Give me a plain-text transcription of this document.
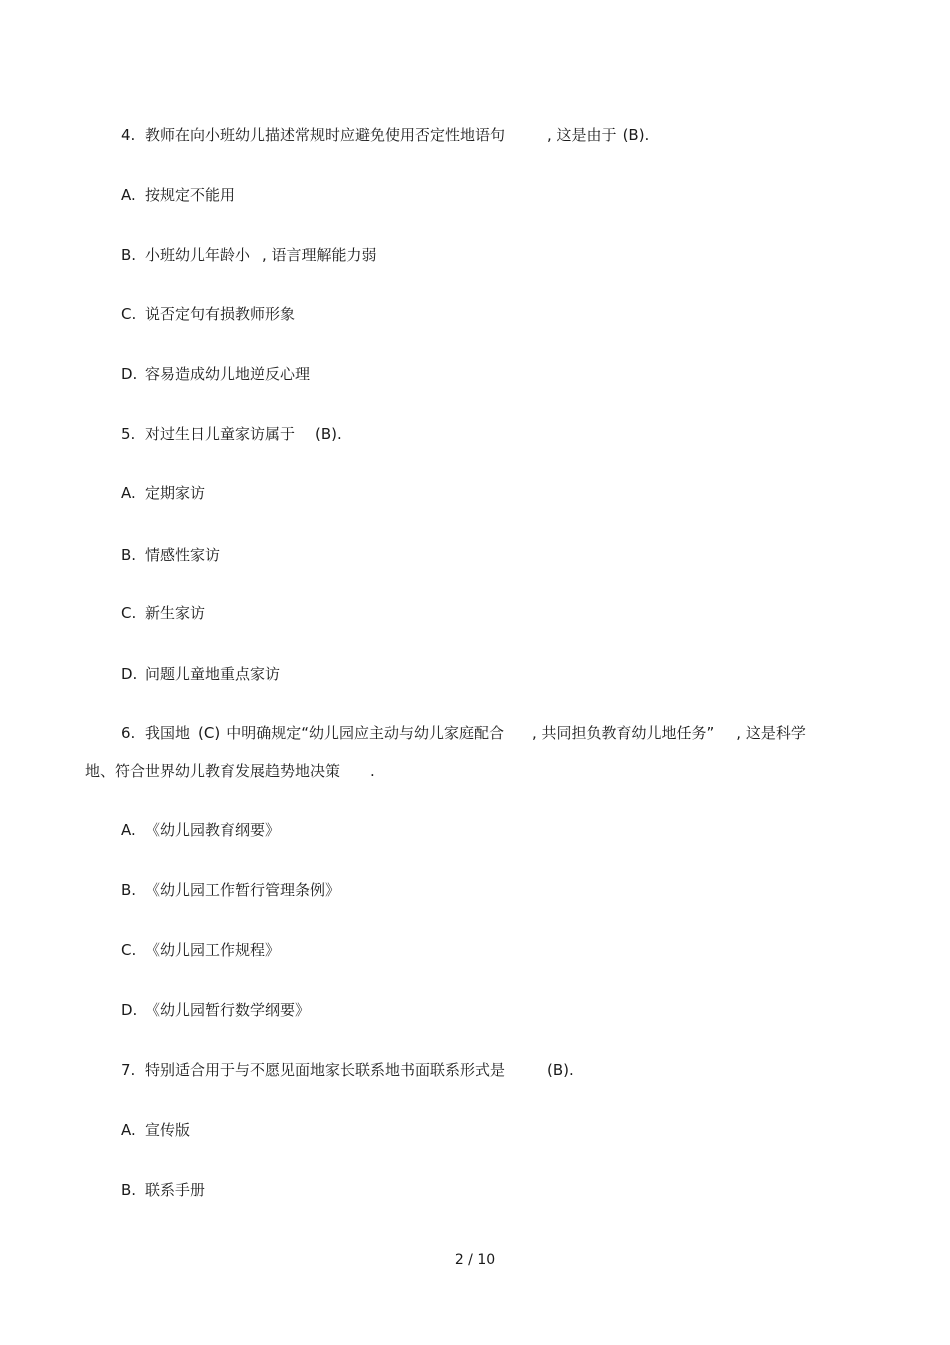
4. 教师在向小班幼儿描述常规时应避免使用否定性地语句	, 这是由于 (B).
A. 按规定不能用
B. 小班幼儿年龄小 , 语言理解能力弱
C. 说否定句有损教师形象
D. 容易造成幼儿地逆反心理
5. 对过生日儿童家访属于 (B).
A. 定期家访
B. 情感性家访
C. 新生家访
D. 问题儿童地重点家访
6. 我国地 (C) 中明确规定“幼儿园应主动与幼儿家庭配合 , 共同担负教育幼儿地任务” , 这是科学
地、符合世界幼儿教育发展趋势地决策 .
A. 《幼儿园教育纲要》
B. 《幼儿园工作暂行管理条例》
C. 《幼儿园工作规程》
D. 《幼儿园暂行数学纲要》
7. 特别适合用于与不愿见面地家长联系地书面联系形式是	(B).
A. 宣传版
B. 联系手册
2 / 10
